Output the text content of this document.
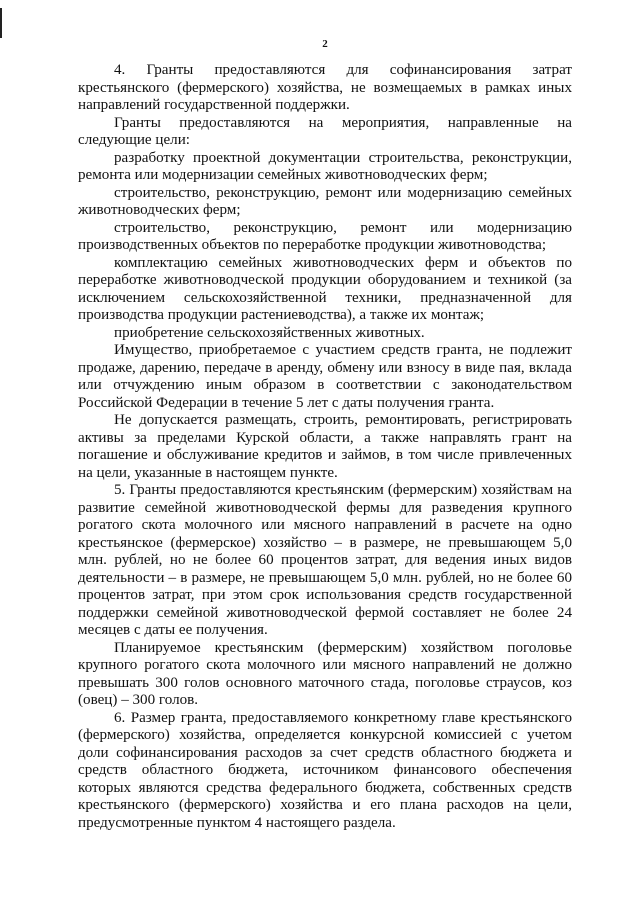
2

4. Гранты предоставляются для софинансирования затрат крестьянского (фермерского) хозяйства, не возмещаемых в рамках иных направлений государственной поддержки.

Гранты предоставляются на мероприятия, направленные на следующие цели:

разработку проектной документации строительства, реконструкции, ремонта или модернизации семейных животноводческих ферм;

строительство, реконструкцию, ремонт или модернизацию семейных животноводческих ферм;

строительство, реконструкцию, ремонт или модернизацию производственных объектов по переработке продукции животноводства;

комплектацию семейных животноводческих ферм и объектов по переработке животноводческой продукции оборудованием и техникой (за исключением сельскохозяйственной техники, предназначенной для производства продукции растениеводства), а также их монтаж;

приобретение сельскохозяйственных животных.

Имущество, приобретаемое с участием средств гранта, не подлежит продаже, дарению, передаче в аренду, обмену или взносу в виде пая, вклада или отчуждению иным образом в соответствии с законодательством Российской Федерации в течение 5 лет с даты получения гранта.

Не допускается размещать, строить, ремонтировать, регистрировать активы за пределами Курской области, а также направлять грант на погашение и обслуживание кредитов и займов, в том числе привлеченных на цели, указанные в настоящем пункте.

5. Гранты предоставляются крестьянским (фермерским) хозяйствам на развитие семейной животноводческой фермы для разведения крупного рогатого скота молочного или мясного направлений в расчете на одно крестьянское (фермерское) хозяйство – в размере, не превышающем 5,0 млн. рублей, но не более 60 процентов затрат, для ведения иных видов деятельности – в размере, не превышающем 5,0 млн. рублей, но не более 60 процентов затрат, при этом срок использования средств государственной поддержки семейной животноводческой фермой составляет не более 24 месяцев с даты ее получения.

Планируемое крестьянским (фермерским) хозяйством поголовье крупного рогатого скота молочного или мясного направлений не должно превышать 300 голов основного маточного стада, поголовье страусов, коз (овец) – 300 голов.

6. Размер гранта, предоставляемого конкретному главе крестьянского (фермерского) хозяйства, определяется конкурсной комиссией с учетом доли софинансирования расходов за счет средств областного бюджета и средств областного бюджета, источником финансового обеспечения которых являются средства федерального бюджета, собственных средств крестьянского (фермерского) хозяйства и его плана расходов на цели, предусмотренные пунктом 4 настоящего раздела.
